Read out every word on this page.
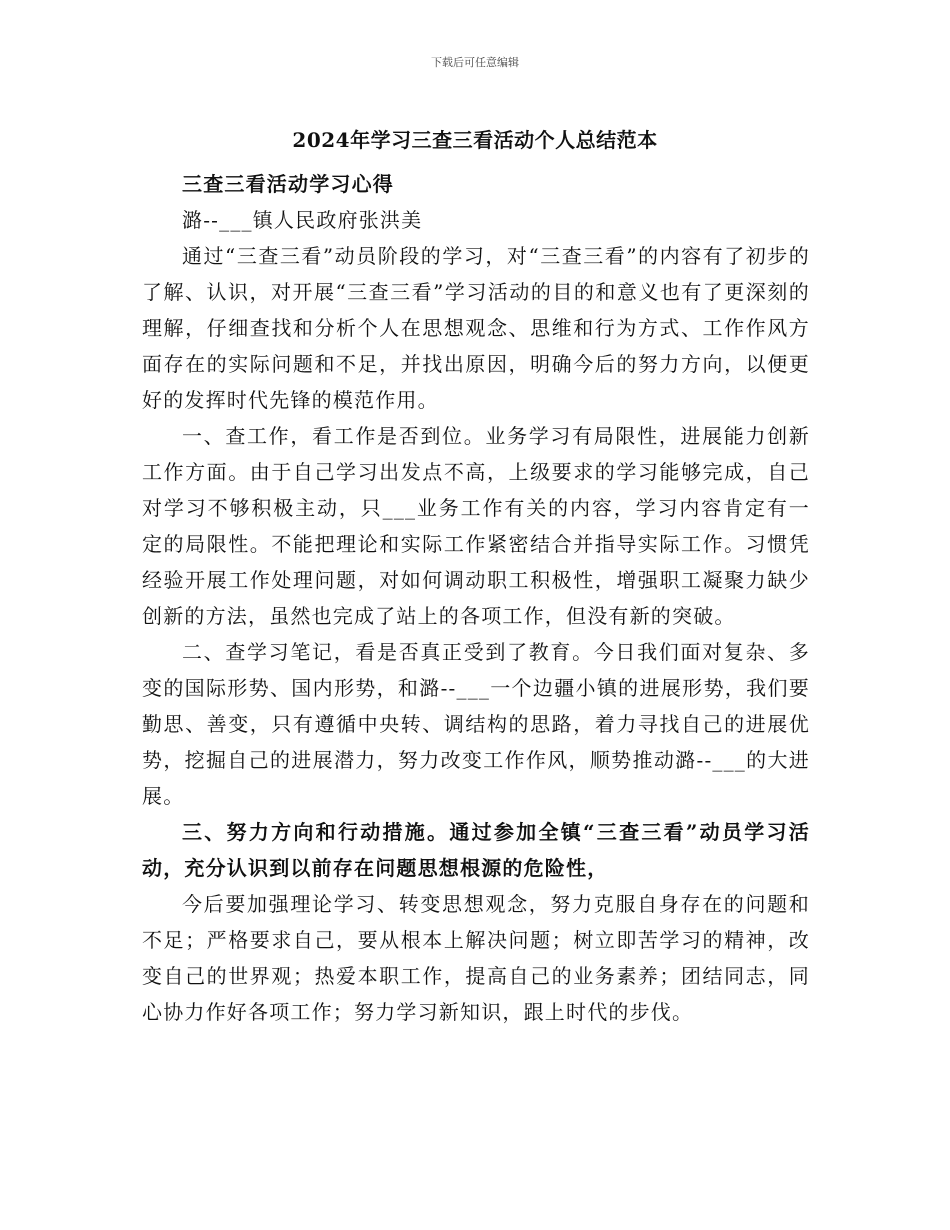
下载后可任意编辑
2024年学习三查三看活动个人总结范本

三查三看活动学习心得

潞--___镇人民政府张洪美

通过“三查三看”动员阶段的学习，对“三查三看”的内容有了初步的了解、认识，对开展“三查三看”学习活动的目的和意义也有了更深刻的理解，仔细查找和分析个人在思想观念、思维和行为方式、工作作风方面存在的实际问题和不足，并找出原因，明确今后的努力方向，以便更好的发挥时代先锋的模范作用。

一、查工作，看工作是否到位。业务学习有局限性，进展能力创新工作方面。由于自己学习出发点不高，上级要求的学习能够完成，自己对学习不够积极主动，只___业务工作有关的内容，学习内容肯定有一定的局限性。不能把理论和实际工作紧密结合并指导实际工作。习惯凭经验开展工作处理问题，对如何调动职工积极性，增强职工凝聚力缺少创新的方法，虽然也完成了站上的各项工作，但没有新的突破。

二、查学习笔记，看是否真正受到了教育。今日我们面对复杂、多变的国际形势、国内形势，和潞--___一个边疆小镇的进展形势，我们要勤思、善变，只有遵循中央转、调结构的思路，着力寻找自己的进展优势，挖掘自己的进展潜力，努力改变工作作风，顺势推动潞--___的大进展。

三、努力方向和行动措施。通过参加全镇“三查三看”动员学习活动，充分认识到以前存在问题思想根源的危险性，

今后要加强理论学习、转变思想观念，努力克服自身存在的问题和不足；严格要求自己，要从根本上解决问题；树立即苦学习的精神，改变自己的世界观；热爱本职工作，提高自己的业务素养；团结同志，同心协力作好各项工作；努力学习新知识，跟上时代的步伐。
